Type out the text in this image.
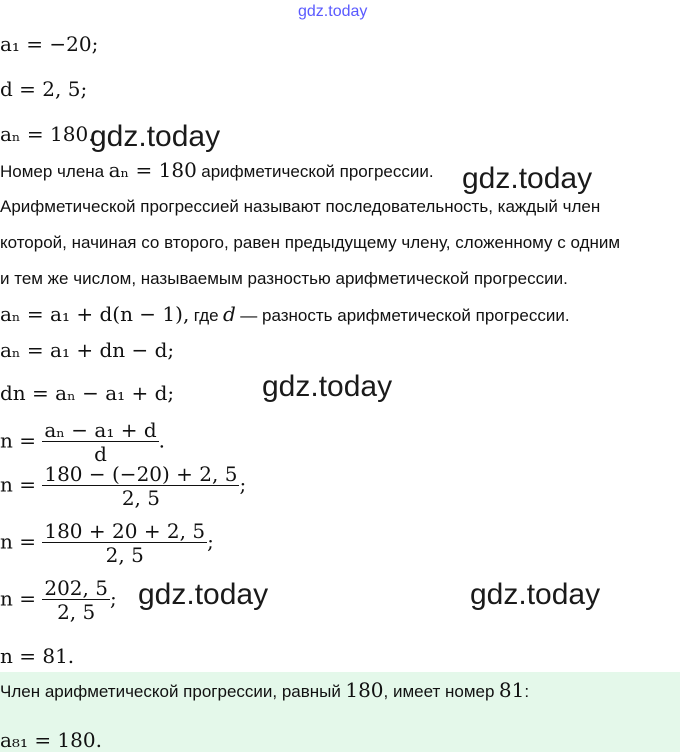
gdz.today
gdz.today
gdz.today
gdz.today
gdz.today	gdz.today
a₁ = −20;
d = 2, 5;
aₙ = 180.
Номер члена aₙ = 180 арифметической прогрессии.
Арифметической прогрессией называют последовательность, каждый член
которой, начиная со второго, равен предыдущему члену, сложенному с одним
и тем же числом, называемым разностью арифметической прогрессии.
aₙ = a₁ + d(n − 1), где d — разность арифметической прогрессии.
aₙ = a₁ + dn − d;
dn = aₙ − a₁ + d;
$n = \frac{\text{aₙ − a₁ + d}}{d}$ .
$n = \frac{180 - (-20) + 2, 5}{2, 5}$ ;
$n = \frac{180 + 20 + 2, 5}{2, 5}$ ;
$n = \frac{202, 5}{2, 5}$ ;
n = 81.
Член арифметической прогрессии, равный 180, имеет номер 81:
a₈₁ = 180.
